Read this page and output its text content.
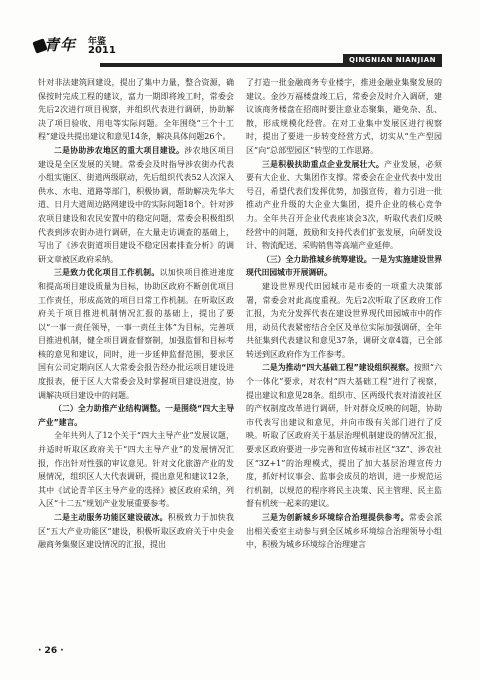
青年 年鉴
2011
QINGNIAN NIANJIAN

针对非法建筑回建设，提出了集中力量，整合资源，确保按时完成工程的建议，富力一期即将竣工时，常委会先后2次进行项目视察，并组织代表进行调研，协助解决了项目验收、用电等实际问题。全年围绕“三个十工程”建设共提出建议和意见14条，解决具体问题26个。

二是协助涉农地区的重大项目建设。涉农地区项目建设是全区发展的关键。常委会及时指导涉农街办代表小组实施区、街道两级联动，先后组织代表52人次深入供水、水电、道路等部门，积极协调，帮助解决先华大道、日月大道周边路网建设中的实际问题18个。针对涉农项目建设和农民安置中的稳定问题，常委会积极组织代表到涉农街办进行调研，在大量走访调查的基础上，写出了《涉农街道项目建设不稳定因素排查分析》的调研文章被区政府采纳。

三是致力优化项目工作机制。以加快项目推进速度和提高项目建设质量为目标，协助区政府不断创优项目工作责任，形成高效的项目日常工作机制。在听取区政府关于项目推进机制情况汇报的基础上，提出了要以“一事一责任领导，一事一责任主体”为目标，完善项目推进机制，健全项目调查督察制，加强监督和目标考核的意见和建议，同时，进一步延伸监督范围，要求区国有公司定期向区人大常委会报告经办批运项目建设进度报表，便于区人大常委会及时掌握项目建设进度，协调解决项目建设中的问题。

（二）全力助推产业结构调整。一是围绕“四大主导产业”建言。

全年共列人了12个关于“四大主导产业”发展议题，并适时听取区政府关于“四大主导产业”的发展情况汇报，作出针对性强的审议意见。针对文化旅游产业的发展情况，组织区人大代表调研，提出意见和建议12条，其中《试论青羊区主导产业的选择》被区政府采纳，列入区“十二五”规划产业发展重要参考。

二是主动服务功能区建设破冰。积极致力于加快我区“五大产业功能区”建设，积极听取区政府关于中央金融商务集聚区建设情况的汇报，提出

了打造一批金融商务专业楼宇，推进金融业集聚发展的建议。金沙万福楼盘竣工后，常委会及时介入调研，建议该商务楼盘在招商时要注意业态聚集，避免杂、乱、散，形成规模化经营。在对工业集中发展区进行视察时，提出了要进一步转变经营方式，切实从“生产型园区”向“总部型园区”转型的工作思路。

三是积极扶助重点企业发展壮大。产业发展，必须要有大企业、大集团作支撑。常委会在企业代表中发出号召，希望代表们发挥优势，加强宣传，着力引进一批推动产业升级的大企业大集团，提升企业的核心竞争力。全年共召开企业代表座谈会3次，听取代表们反映经营中的问题，鼓励和支持代表们扩张发展，向研发设计、物流配送、采购销售等高端产业延伸。

（三）全力助推城乡统筹建设。一是为实施建设世界现代田园城市开展调研。

建设世界现代田园城市是市委的一项重大决策部署，常委会对此高度重视。先后2次听取了区政府工作汇报，为充分发挥代表在建设世界现代田园城市中的作用，动员代表紧密结合全区及单位实际加强调研，全年共征集到代表建议和意见37条，调研文章4篇，已全部转送到区政府作为工作参考。

二是为推动“四大基础工程”建设组织视察。按照“六个一体化”要求，对农村“四大基础工程”进行了视察，提出建议和意见28条。组织市、区两级代表对清波社区的产权制度改革进行调研，针对群众反映的问题，协助市代表写出建议和意见，并向市级有关部门进行了反映。听取了区政府关于基层治理机制建设的情况汇报，要求区政府要进一步完善和宣传城市社区“3Z”、涉农社区“3Z+1”的治理模式，提出了加大基层治理宣传力度，抓好村议事会、监事会成员的培训，进一步规范运行机制，以规范的程序将民主决策、民主管理、民主监督有机统一起来的建议。

三是为创新城乡环境综合治理提供参考。常委会派出相关委室主动参与到全区城乡环境综合治理领导小组中，积极为城乡环境综合治理建言

· 26 ·
